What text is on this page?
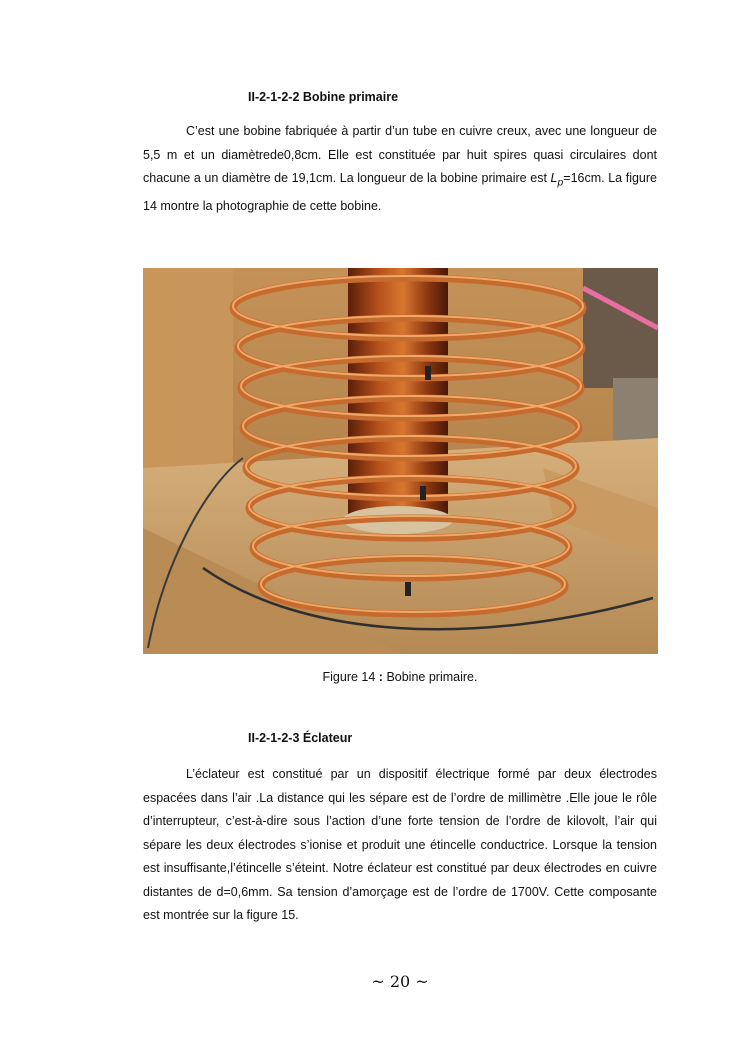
II-2-1-2-2 Bobine primaire

C’est une bobine fabriquée à partir d’un tube en cuivre creux, avec une longueur de 5,5 m et un diamètrede0,8cm. Elle est constituée par huit spires quasi circulaires dont chacune a un diamètre de 19,1cm. La longueur de la bobine primaire est $L_p=16cm$. La figure 14 montre la photographie de cette bobine.

Figure 14 : Bobine primaire.
II-2-1-2-3 Éclateur

L’éclateur est constitué par un dispositif électrique formé par deux électrodes espacées dans l’air .La distance qui les sépare est de l’ordre de millimètre .Elle joue le rôle d’interrupteur, c’est-à-dire sous l’action d’une forte tension de l’ordre de kilovolt, l’air qui sépare les deux électrodes s’ionise et produit une étincelle conductrice. Lorsque la tension est insuffisante,l’étincelle s’éteint. Notre éclateur est constitué par deux électrodes en cuivre distantes de d=0,6mm. Sa tension d’amorçage est de l’ordre de 1700V. Cette composante est montrée sur la figure 15.

~ 20 ~
